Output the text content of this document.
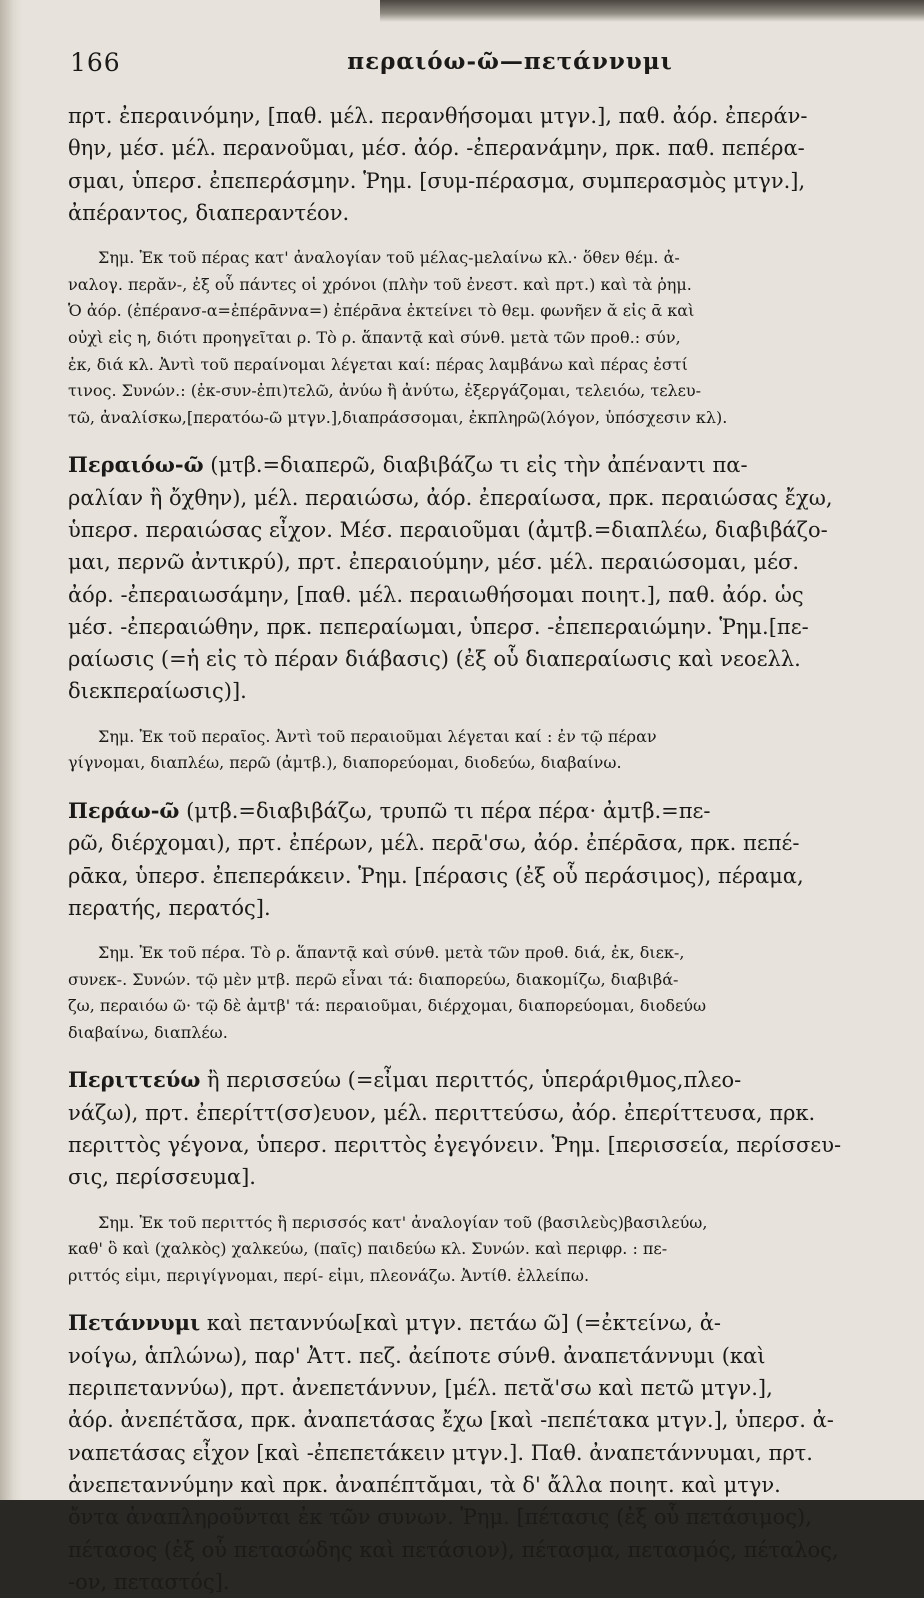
166	περαιόω-ῶ—πετάννυμι
πρτ. ἐπεραινόμην, [παθ. μέλ. περανθήσομαι μτγν.], παθ. ἀόρ. ἐπεράν-
θην, μέσ. μέλ. περανοῦμαι, μέσ. ἀόρ. -ἐπερανάμην, πρκ. παθ. πεπέρα-
σμαι, ὑπερσ. ἐπεπεράσμην. Ῥημ. [συμ-πέρασμα, συμπερασμὸς μτγν.],
ἀπέραντος, διαπεραντέον.
Σημ. Ἐκ τοῦ πέρας κατ' ἀναλογίαν τοῦ μέλας-μελαίνω κλ.· ὅθεν θέμ. ἀ-
ναλογ. περᾰν-, ἐξ οὗ πάντες οἱ χρόνοι (πλὴν τοῦ ἐνεστ. καὶ πρτ.) καὶ τὰ ῥημ.
Ὁ ἀόρ. (ἐπέρανσ-α=ἐπέρᾱννα=) ἐπέρᾱνα ἐκτείνει τὸ θεμ. φωνῆεν ᾰ εἰς ᾱ καὶ
οὐχὶ εἰς η, διότι προηγεῖται ρ. Τὸ ρ. ἅπαντᾷ καὶ σύνθ. μετὰ τῶν προθ.: σύν,
ἐκ, διά κλ. Ἀντὶ τοῦ περαίνομαι λέγεται καί: πέρας λαμβάνω καὶ πέρας ἐστί
τινος. Συνών.: (ἐκ-συν-ἐπι)τελῶ, ἀνύω ἢ ἀνύτω, ἐξεργάζομαι, τελειόω, τελευ-
τῶ, ἀναλίσκω,[περατόω-ῶ μτγν.],διαπράσσομαι, ἐκπληρῶ(λόγον, ὑπόσχεσιν κλ).
Περαιόω-ῶ (μτβ.=διαπερῶ, διαβιβάζω τι εἰς τὴν ἀπέναντι πα-
ραλίαν ἢ ὄχθην), μέλ. περαιώσω, ἀόρ. ἐπεραίωσα, πρκ. περαιώσας ἔχω,
ὑπερσ. περαιώσας εἶχον. Μέσ. περαιοῦμαι (ἀμτβ.=διαπλέω, διαβιβάζο-
μαι, περνῶ ἀντικρύ), πρτ. ἐπεραιούμην, μέσ. μέλ. περαιώσομαι, μέσ.
ἀόρ. -ἐπεραιωσάμην, [παθ. μέλ. περαιωθήσομαι ποιητ.], παθ. ἀόρ. ὡς
μέσ. -ἐπεραιώθην, πρκ. πεπεραίωμαι, ὑπερσ. -ἐπεπεραιώμην. Ῥημ.[πε-
ραίωσις (=ἡ εἰς τὸ πέραν διάβασις) (ἐξ οὗ διαπεραίωσις καὶ νεοελλ.
διεκπεραίωσις)].
Σημ. Ἐκ τοῦ περαῖος. Ἀντὶ τοῦ περαιοῦμαι λέγεται καί : ἐν τῷ πέραν
γίγνομαι, διαπλέω, περῶ (ἀμτβ.), διαπορεύομαι, διοδεύω, διαβαίνω.
Περάω-ῶ (μτβ.=διαβιβάζω, τρυπῶ τι πέρα πέρα· ἀμτβ.=πε-
ρῶ, διέρχομαι), πρτ. ἐπέρων, μέλ. περᾱ'σω, ἀόρ. ἐπέρᾱσα, πρκ. πεπέ-
ρᾱκα, ὑπερσ. ἐπεπεράκειν. Ῥημ. [πέρασις (ἐξ οὗ περάσιμος), πέραμα,
περατής, περατός].
Σημ. Ἐκ τοῦ πέρα. Τὸ ρ. ἅπαντᾷ καὶ σύνθ. μετὰ τῶν προθ. διά, ἐκ, διεκ-,
συνεκ-. Συνών. τῷ μὲν μτβ. περῶ εἶναι τά: διαπορεύω, διακομίζω, διαβιβά-
ζω, περαιόω ῶ· τῷ δὲ ἀμτβ' τά: περαιοῦμαι, διέρχομαι, διαπορεύομαι, διοδεύω
διαβαίνω, διαπλέω.
Περιττεύω ἢ περισσεύω (=εἶμαι περιττός, ὑπεράριθμος,πλεο-
νάζω), πρτ. ἐπερίττ(σσ)ευον, μέλ. περιττεύσω, ἀόρ. ἐπερίττευσα, πρκ.
περιττὸς γέγονα, ὑπερσ. περιττὸς ἐγεγόνειν. Ῥημ. [περισσεία, περίσσευ-
σις, περίσσευμα].
Σημ. Ἐκ τοῦ περιττός ἢ περισσός κατ' ἀναλογίαν τοῦ (βασιλεὺς)βασιλεύω,
καθ' ὃ καὶ (χαλκὸς) χαλκεύω, (παῖς) παιδεύω κλ. Συνών. καὶ περιφρ. : πε-
ριττός εἰμι, περιγίγνομαι, περί- εἰμι, πλεονάζω. Ἀντίθ. ἐλλείπω.
Πετάννυμι καὶ πεταννύω[καὶ μτγν. πετάω ῶ] (=ἐκτείνω, ἀ-
νοίγω, ἁπλώνω), παρ' Ἀττ. πεζ. ἀείποτε σύνθ. ἀναπετάννυμι (καὶ
περιπεταννύω), πρτ. ἀνεπετάννυν, [μέλ. πετᾰ'σω καὶ πετῶ μτγν.],
ἀόρ. ἀνεπέτᾰσα, πρκ. ἀναπετάσας ἔχω [καὶ -πεπέτακα μτγν.], ὑπερσ. ἀ-
ναπετάσας εἶχον [καὶ -ἐπεπετάκειν μτγν.]. Παθ. ἀναπετάννυμαι, πρτ.
ἀνεπεταννύμην καὶ πρκ. ἀναπέπτᾰμαι, τὰ δ' ἄλλα ποιητ. καὶ μτγν.
ὄντα ἀναπληροῦνται ἐκ τῶν συνων. Ῥημ. [πέτασις (ἐξ οὗ πετάσιμος),
πέτασος (ἐξ οὗ πετασώδης καὶ πετάσιον), πέτασμα, πετασμός, πέταλος,
-ον, πεταστός].
